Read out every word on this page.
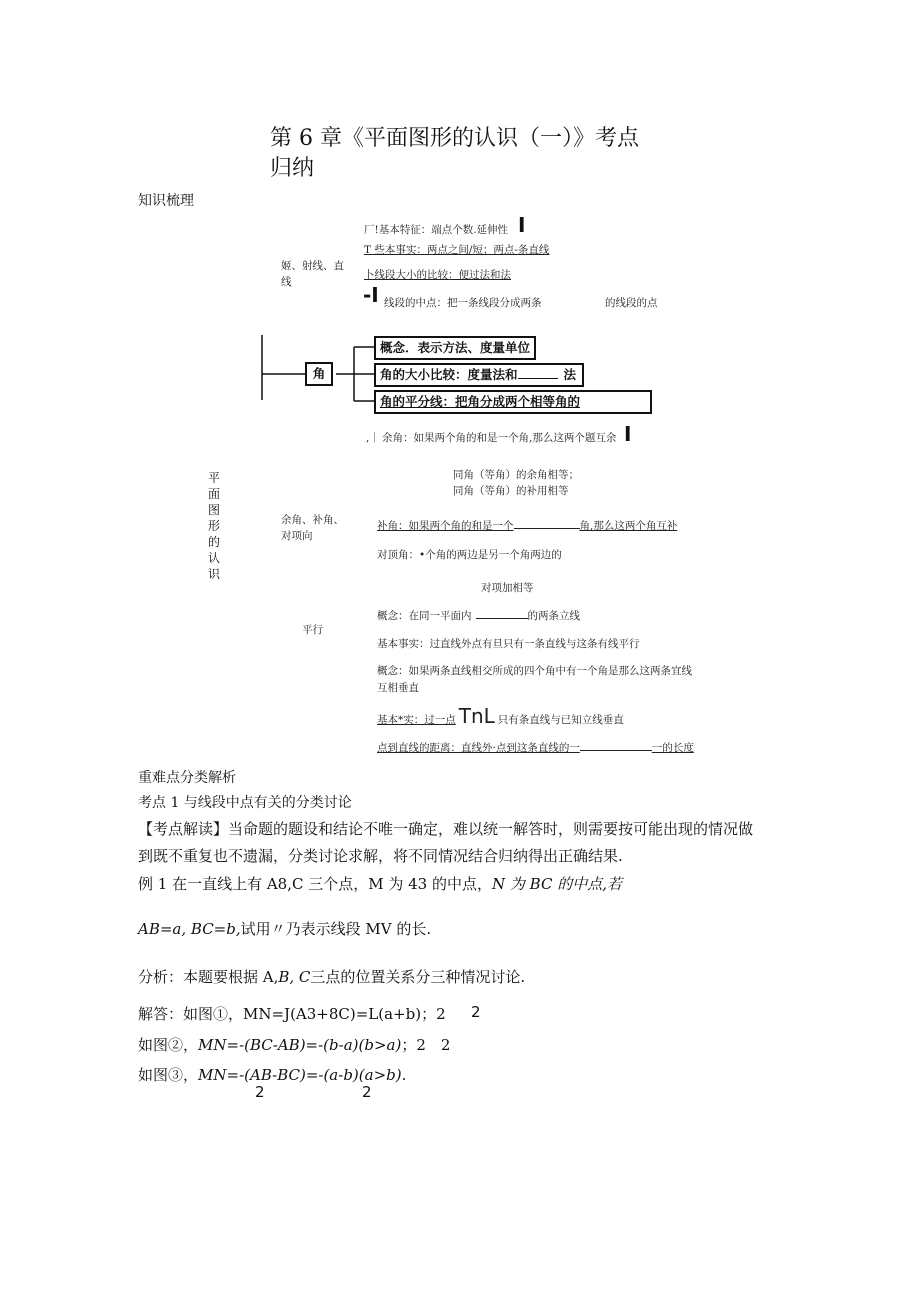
第 6 章《平面图形的认识（一）》考点
归纳
知识梳理
平面图形的认识
姬、射线、直线
厂!基本特征：端点个数.延伸性 I
T 些本事实：两点之间/短；两点-条直线
卜线段大小的比较：便过法和法
-I 线段的中点：把一条线段分成两条	的线段的点
角
概念．表示方法、度量单位
角的大小比较：度量法和	法
角的平分线：把角分成两个相等角的
,｜ 余角：如果两个角的和是一个角,那么这两个题互余 I
同角（等角）的余角相等；
同角（等角）的补用相等
余角、补角、对项向
补角：如果两个角的和是一个	角,那么这两个角互补
对顶角：•个角的两边是另一个角两边的
对项加相等
平行
概念：在同一平面内	的两条立线
基本事实：过直线外点有旦只有一条直线与这条有线平行
概念：如果两条直线相交所成的四个角中有一个角是那么这两条宜线
互相垂直
基本*实：过一点 TnL 只有条直线与已知立线垂直
点到直线的距离：直线外·点到这条直线的一	一的长度
重难点分类解析
考点 1 与线段中点有关的分类讨论
【考点解读】当命题的题设和结论不唯一确定，难以统一解答时，则需要按可能出现的情况做
到既不重复也不遗漏，分类讨论求解，将不同情况结合归纳得出正确结果.
例 1 在一直线上有 A8,C 三个点，M 为 43 的中点，N 为 BC 的中点,若
AB=a, BC=b,试用〃乃表示线段 MV 的长.
分析：本题要根据 A,B, C三点的位置关系分三种情况讨论.
解答：如图①，MN=J(A3+8C)=L(a+b)；2 2
如图②，MN=-(BC-AB)=-(b-a)(b>a)；2　2
如图③，MN=-(AB-BC)=-(a-b)(a>b).
2	2
